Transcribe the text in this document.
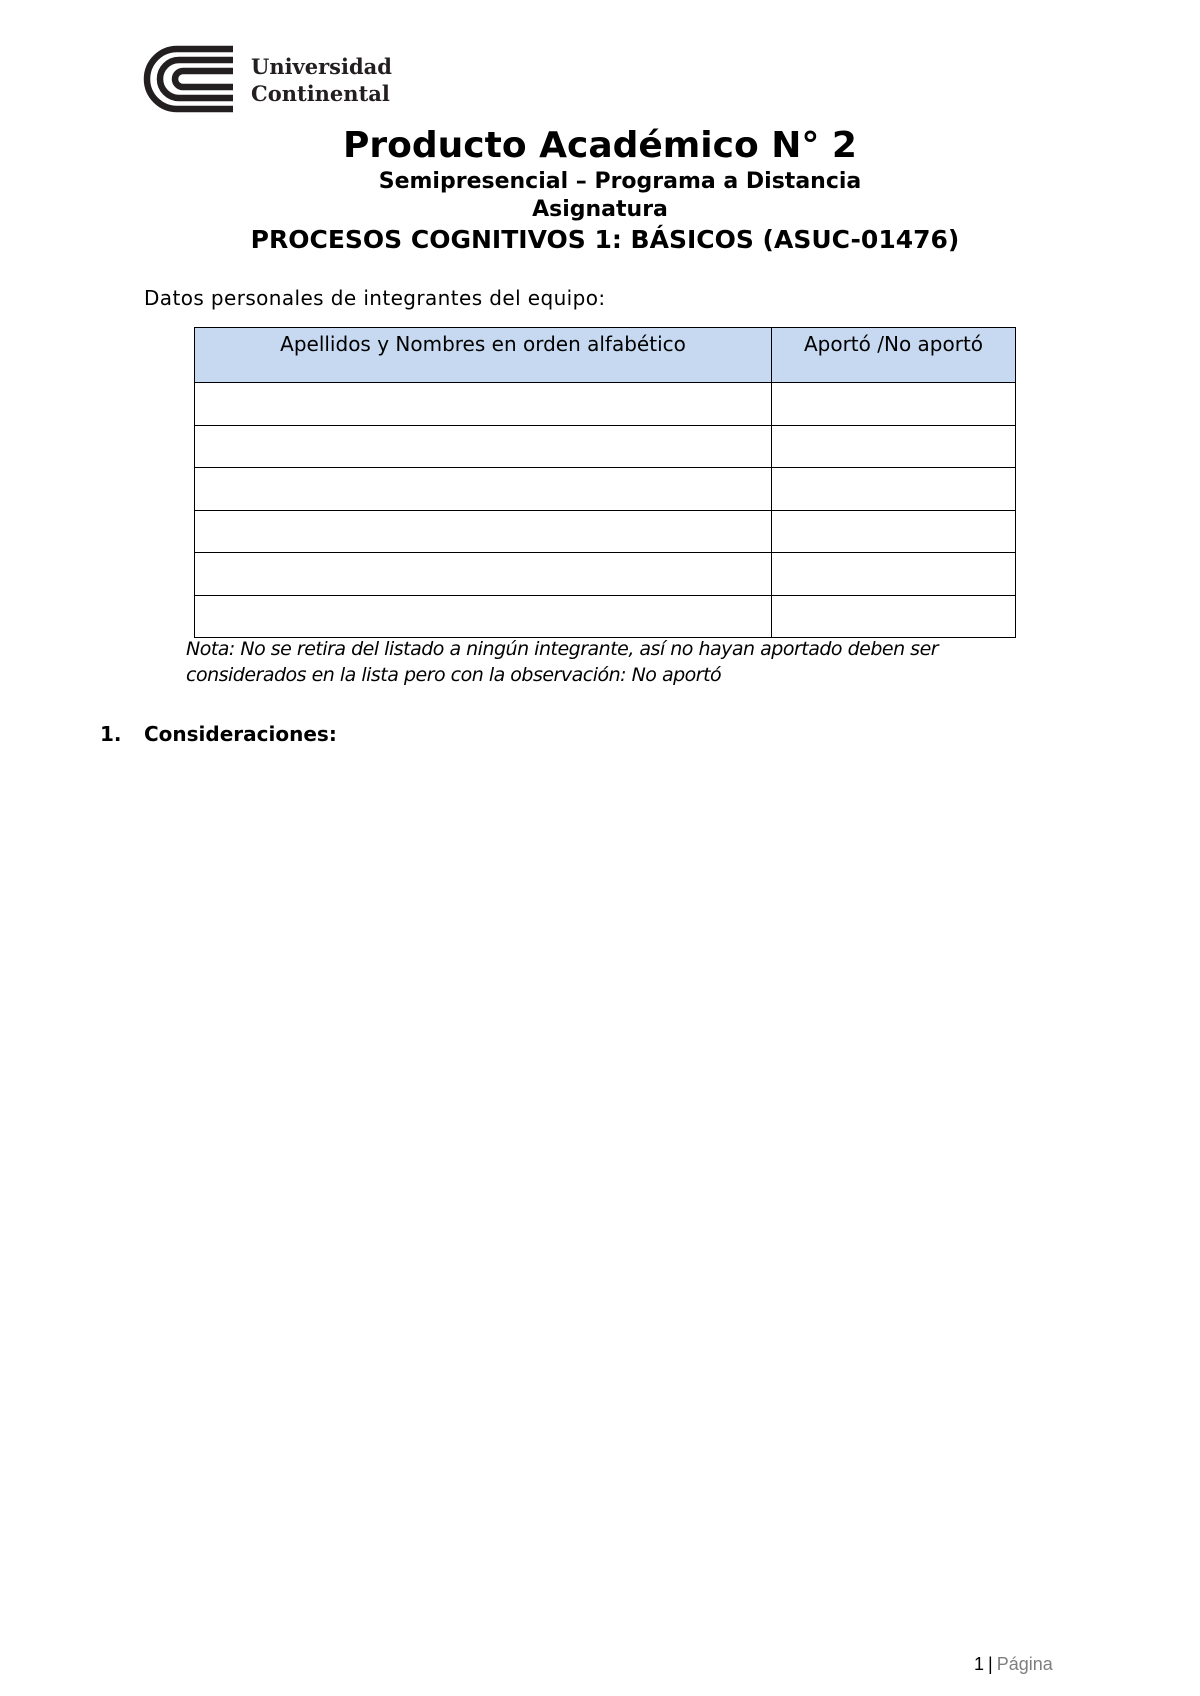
Universidad
Continental
Producto Académico N° 2
Semipresencial – Programa a Distancia
Asignatura
PROCESOS COGNITIVOS 1: BÁSICOS (ASUC-01476)
Datos personales de integrantes del equipo:
Apellidos y Nombres en orden alfabético	Aportó /No aportó

Nota: No se retira del listado a ningún integrante, así no hayan aportado deben ser
considerados en la lista pero con la observación: No aportó
1. Consideraciones:
1 | Página
